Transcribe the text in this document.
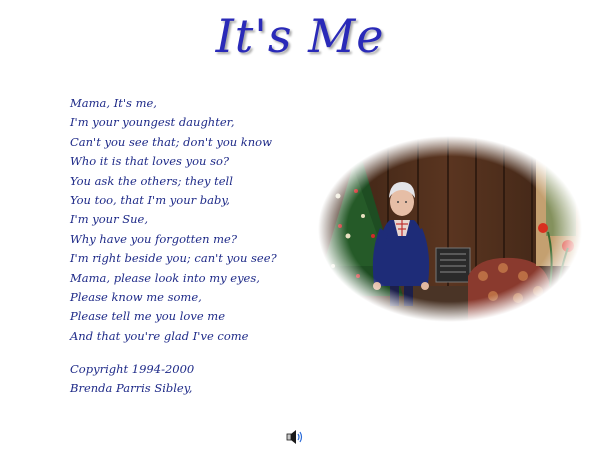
It's Me
Mama, It's me,
I'm your youngest daughter,
Can't you see that; don't you know
Who it is that loves you so?
You ask the others; they tell
You too, that I'm your baby,
I'm your Sue,
Why have you forgotten me?
I'm right beside you; can't you see?
Mama, please look into my eyes,
Please know me some,
Please tell me you love me
And that you're glad I've come
Copyright 1994-2000
Brenda Parris Sibley,
